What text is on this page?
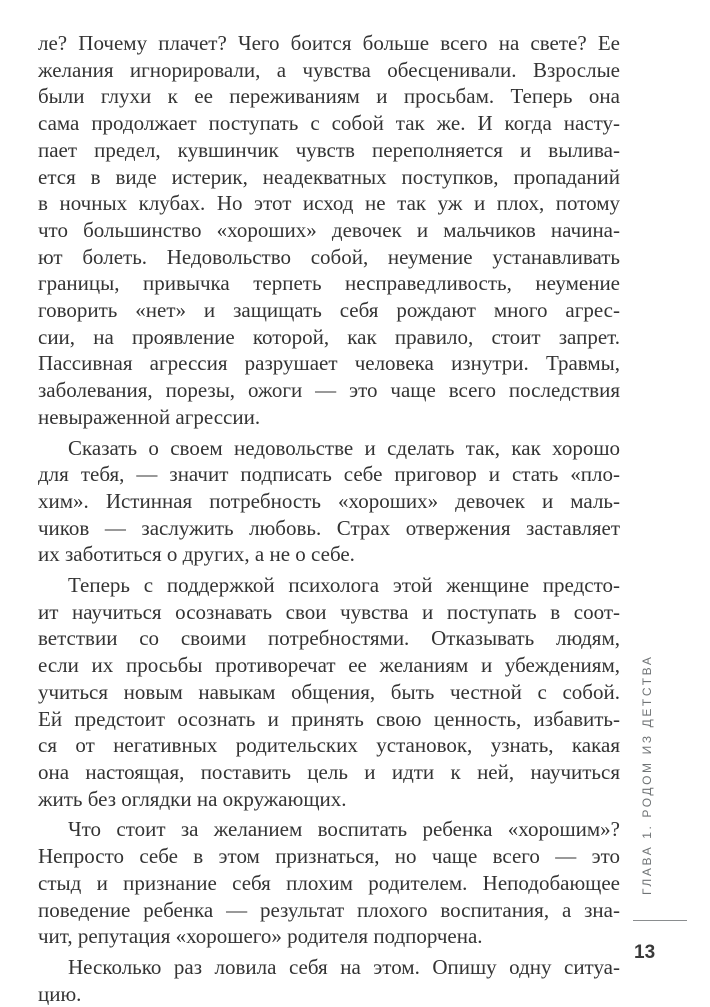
ле? Почему плачет? Чего боится больше всего на свете? Ее
желания игнорировали, а чувства обесценивали. Взрослые
были глухи к ее переживаниям и просьбам. Теперь она
сама продолжает поступать с собой так же. И когда насту-
пает предел, кувшинчик чувств переполняется и вылива-
ется в виде истерик, неадекватных поступков, пропаданий
в ночных клубах. Но этот исход не так уж и плох, потому
что большинство «хороших» девочек и мальчиков начина-
ют болеть. Недовольство собой, неумение устанавливать
границы, привычка терпеть несправедливость, неумение
говорить «нет» и защищать себя рождают много агрес-
сии, на проявление которой, как правило, стоит запрет.
Пассивная агрессия разрушает человека изнутри. Травмы,
заболевания, порезы, ожоги — это чаще всего последствия
невыраженной агрессии.
Сказать о своем недовольстве и сделать так, как хорошо
для тебя, — значит подписать себе приговор и стать «пло-
хим». Истинная потребность «хороших» девочек и маль-
чиков — заслужить любовь. Страх отвержения заставляет
их заботиться о других, а не о себе.
Теперь с поддержкой психолога этой женщине предсто-
ит научиться осознавать свои чувства и поступать в соот-
ветствии со своими потребностями. Отказывать людям,
если их просьбы противоречат ее желаниям и убеждениям,
учиться новым навыкам общения, быть честной с собой.
Ей предстоит осознать и принять свою ценность, избавить-
ся от негативных родительских установок, узнать, какая
она настоящая, поставить цель и идти к ней, научиться
жить без оглядки на окружающих.
Что стоит за желанием воспитать ребенка «хорошим»?
Непросто себе в этом признаться, но чаще всего — это
стыд и признание себя плохим родителем. Неподобающее
поведение ребенка — результат плохого воспитания, а зна-
чит, репутация «хорошего» родителя подпорчена.
Несколько раз ловила себя на этом. Опишу одну ситуа-
цию.
ГЛАВА 1. РОДОМ ИЗ ДЕТСТВА
13
